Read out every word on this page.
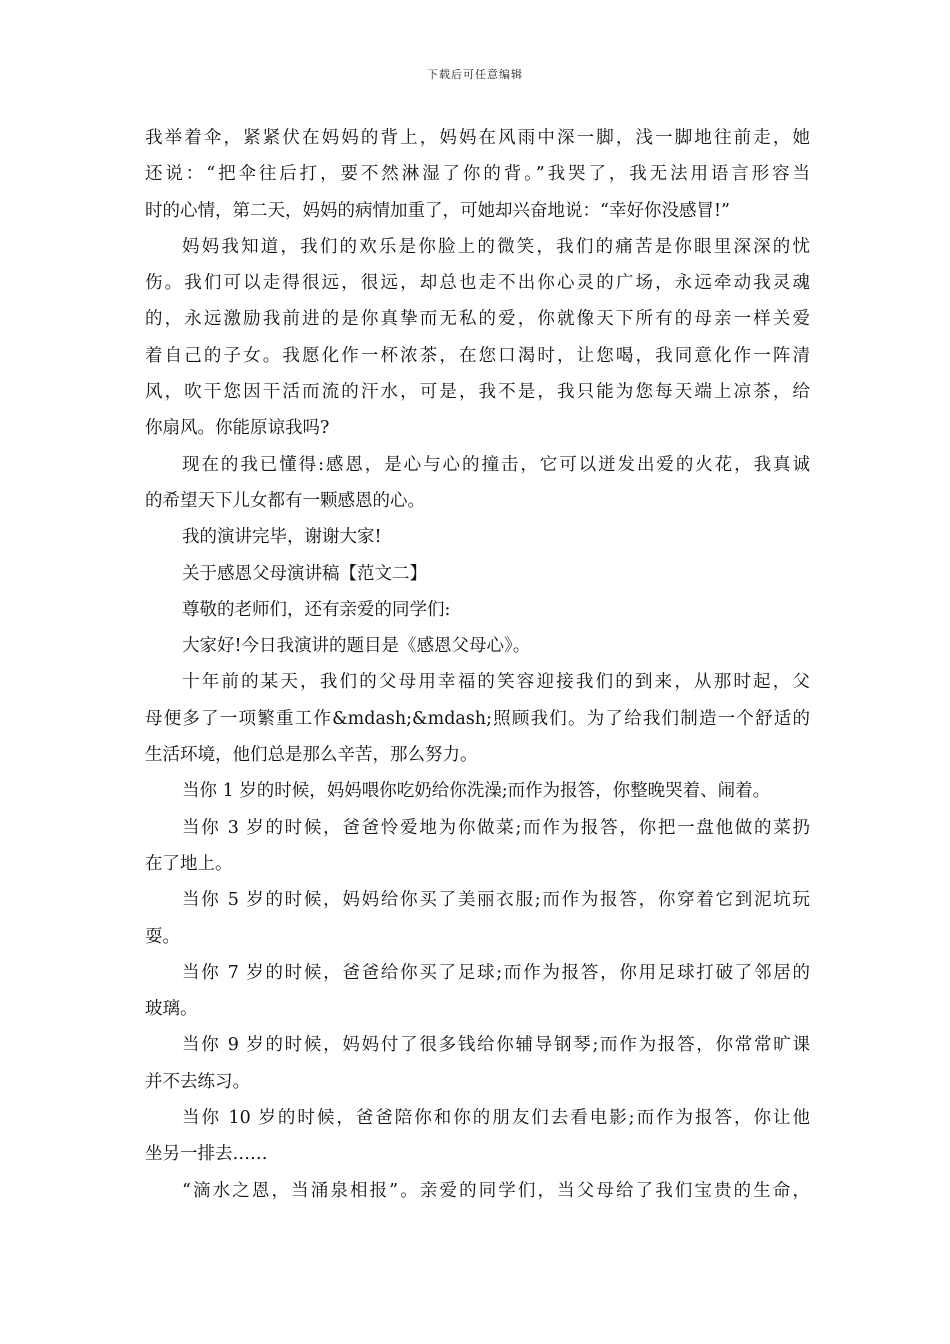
下载后可任意编辑
我举着伞，紧紧伏在妈妈的背上，妈妈在风雨中深一脚，浅一脚地往前走，她
还说：“把伞往后打，要不然淋湿了你的背。”我哭了，我无法用语言形容当
时的心情，第二天，妈妈的病情加重了，可她却兴奋地说：“幸好你没感冒!”
妈妈我知道，我们的欢乐是你脸上的微笑，我们的痛苦是你眼里深深的忧
伤。我们可以走得很远，很远，却总也走不出你心灵的广场，永远牵动我灵魂
的，永远激励我前进的是你真挚而无私的爱，你就像天下所有的母亲一样关爱
着自己的子女。我愿化作一杯浓茶，在您口渴时，让您喝，我同意化作一阵清
风，吹干您因干活而流的汗水，可是，我不是，我只能为您每天端上凉茶，给
你扇风。你能原谅我吗?
现在的我已懂得:感恩，是心与心的撞击，它可以迸发出爱的火花，我真诚
的希望天下儿女都有一颗感恩的心。
我的演讲完毕，谢谢大家!
关于感恩父母演讲稿【范文二】
尊敬的老师们，还有亲爱的同学们:
大家好!今日我演讲的题目是《感恩父母心》。
十年前的某天，我们的父母用幸福的笑容迎接我们的到来，从那时起，父
母便多了一项繁重工作&mdash;&mdash;照顾我们。为了给我们制造一个舒适的
生活环境，他们总是那么辛苦，那么努力。
当你 1 岁的时候，妈妈喂你吃奶给你洗澡;而作为报答，你整晚哭着、闹着。
当你 3 岁的时候，爸爸怜爱地为你做菜;而作为报答，你把一盘他做的菜扔
在了地上。
当你 5 岁的时候，妈妈给你买了美丽衣服;而作为报答，你穿着它到泥坑玩
耍。
当你 7 岁的时候，爸爸给你买了足球;而作为报答，你用足球打破了邻居的
玻璃。
当你 9 岁的时候，妈妈付了很多钱给你辅导钢琴;而作为报答，你常常旷课
并不去练习。
当你 10 岁的时候，爸爸陪你和你的朋友们去看电影;而作为报答，你让他
坐另一排去……
“滴水之恩，当涌泉相报”。亲爱的同学们，当父母给了我们宝贵的生命，
